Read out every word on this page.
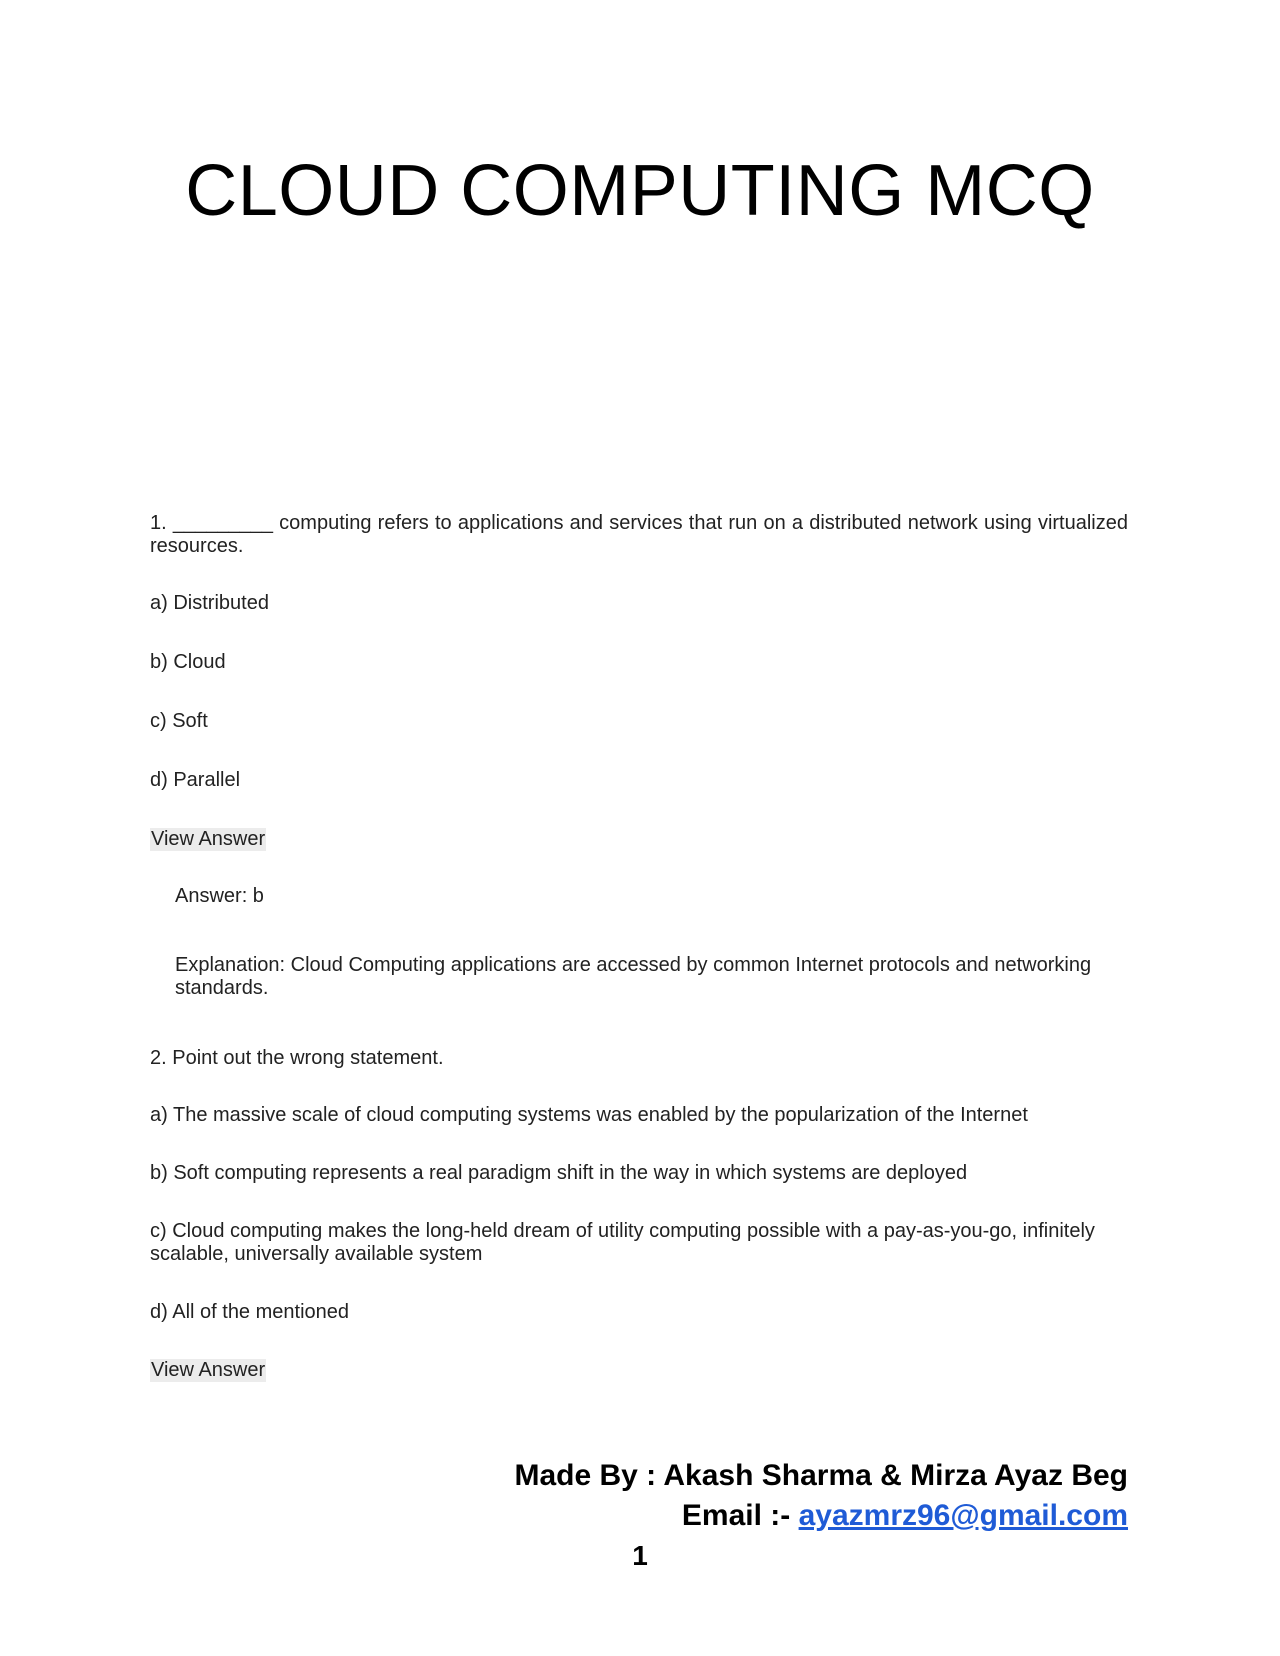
CLOUD COMPUTING MCQ

1. _________ computing refers to applications and services that run on a distributed network using virtualized resources.

a) Distributed

b) Cloud

c) Soft

d) Parallel

View Answer

Answer: b

Explanation: Cloud Computing applications are accessed by common Internet protocols and networking standards.

2. Point out the wrong statement.

a) The massive scale of cloud computing systems was enabled by the popularization of the Internet

b) Soft computing represents a real paradigm shift in the way in which systems are deployed

c) Cloud computing makes the long-held dream of utility computing possible with a pay-as-you-go, infinitely scalable, universally available system

d) All of the mentioned

View Answer
Made By : Akash Sharma & Mirza Ayaz Beg
Email :- ayazmrz96@gmail.com
1
